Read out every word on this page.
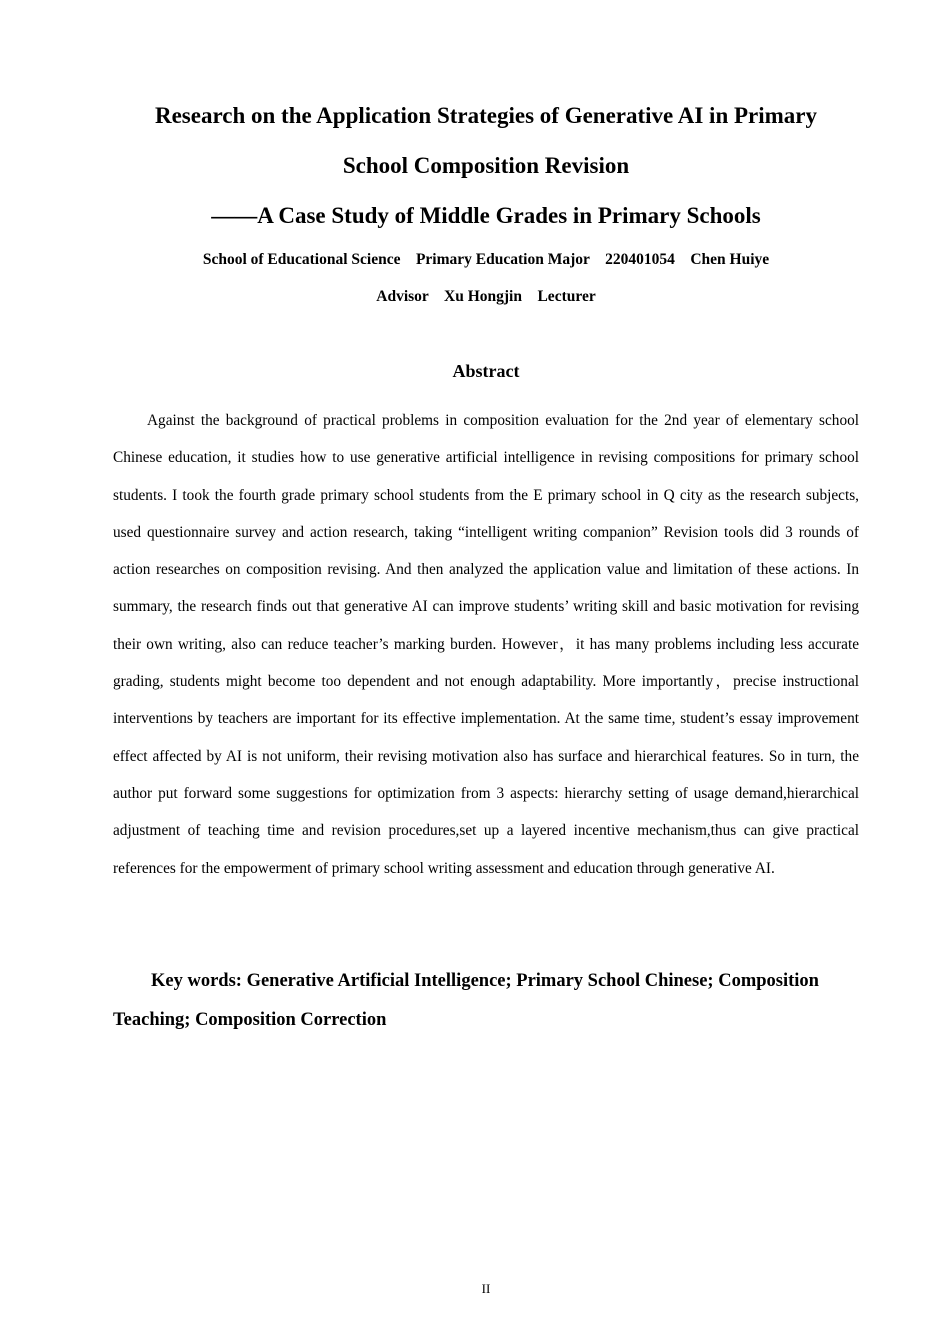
Research on the Application Strategies of Generative AI in Primary
School Composition Revision
——A Case Study of Middle Grades in Primary Schools
School of Educational Science    Primary Education Major    220401054    Chen Huiye
Advisor    Xu Hongjin    Lecturer
Abstract

Against the background of practical problems in composition evaluation for the 2nd year of elementary school Chinese education, it studies how to use generative artificial intelligence in revising compositions for primary school students. I took the fourth grade primary school students from the E primary school in Q city as the research subjects, used questionnaire survey and action research, taking “intelligent writing companion” Revision tools did 3 rounds of action researches on composition revising. And then analyzed the application value and limitation of these actions. In summary, the research finds out that generative AI can improve students’ writing skill and basic motivation for revising their own writing, also can reduce teacher’s marking burden. However，it has many problems including less accurate grading, students might become too dependent and not enough adaptability. More importantly，precise instructional interventions by teachers are important for its effective implementation. At the same time, student’s essay improvement effect affected by AI is not uniform, their revising motivation also has surface and hierarchical features. So in turn, the author put forward some suggestions for optimization from 3 aspects: hierarchy setting of usage demand,hierarchical adjustment of teaching time and revision procedures,set up a layered incentive mechanism,thus can give practical references for the empowerment of primary school writing assessment and education through generative AI.

Key words: Generative Artificial Intelligence; Primary School Chinese; Composition Teaching; Composition Correction

II
